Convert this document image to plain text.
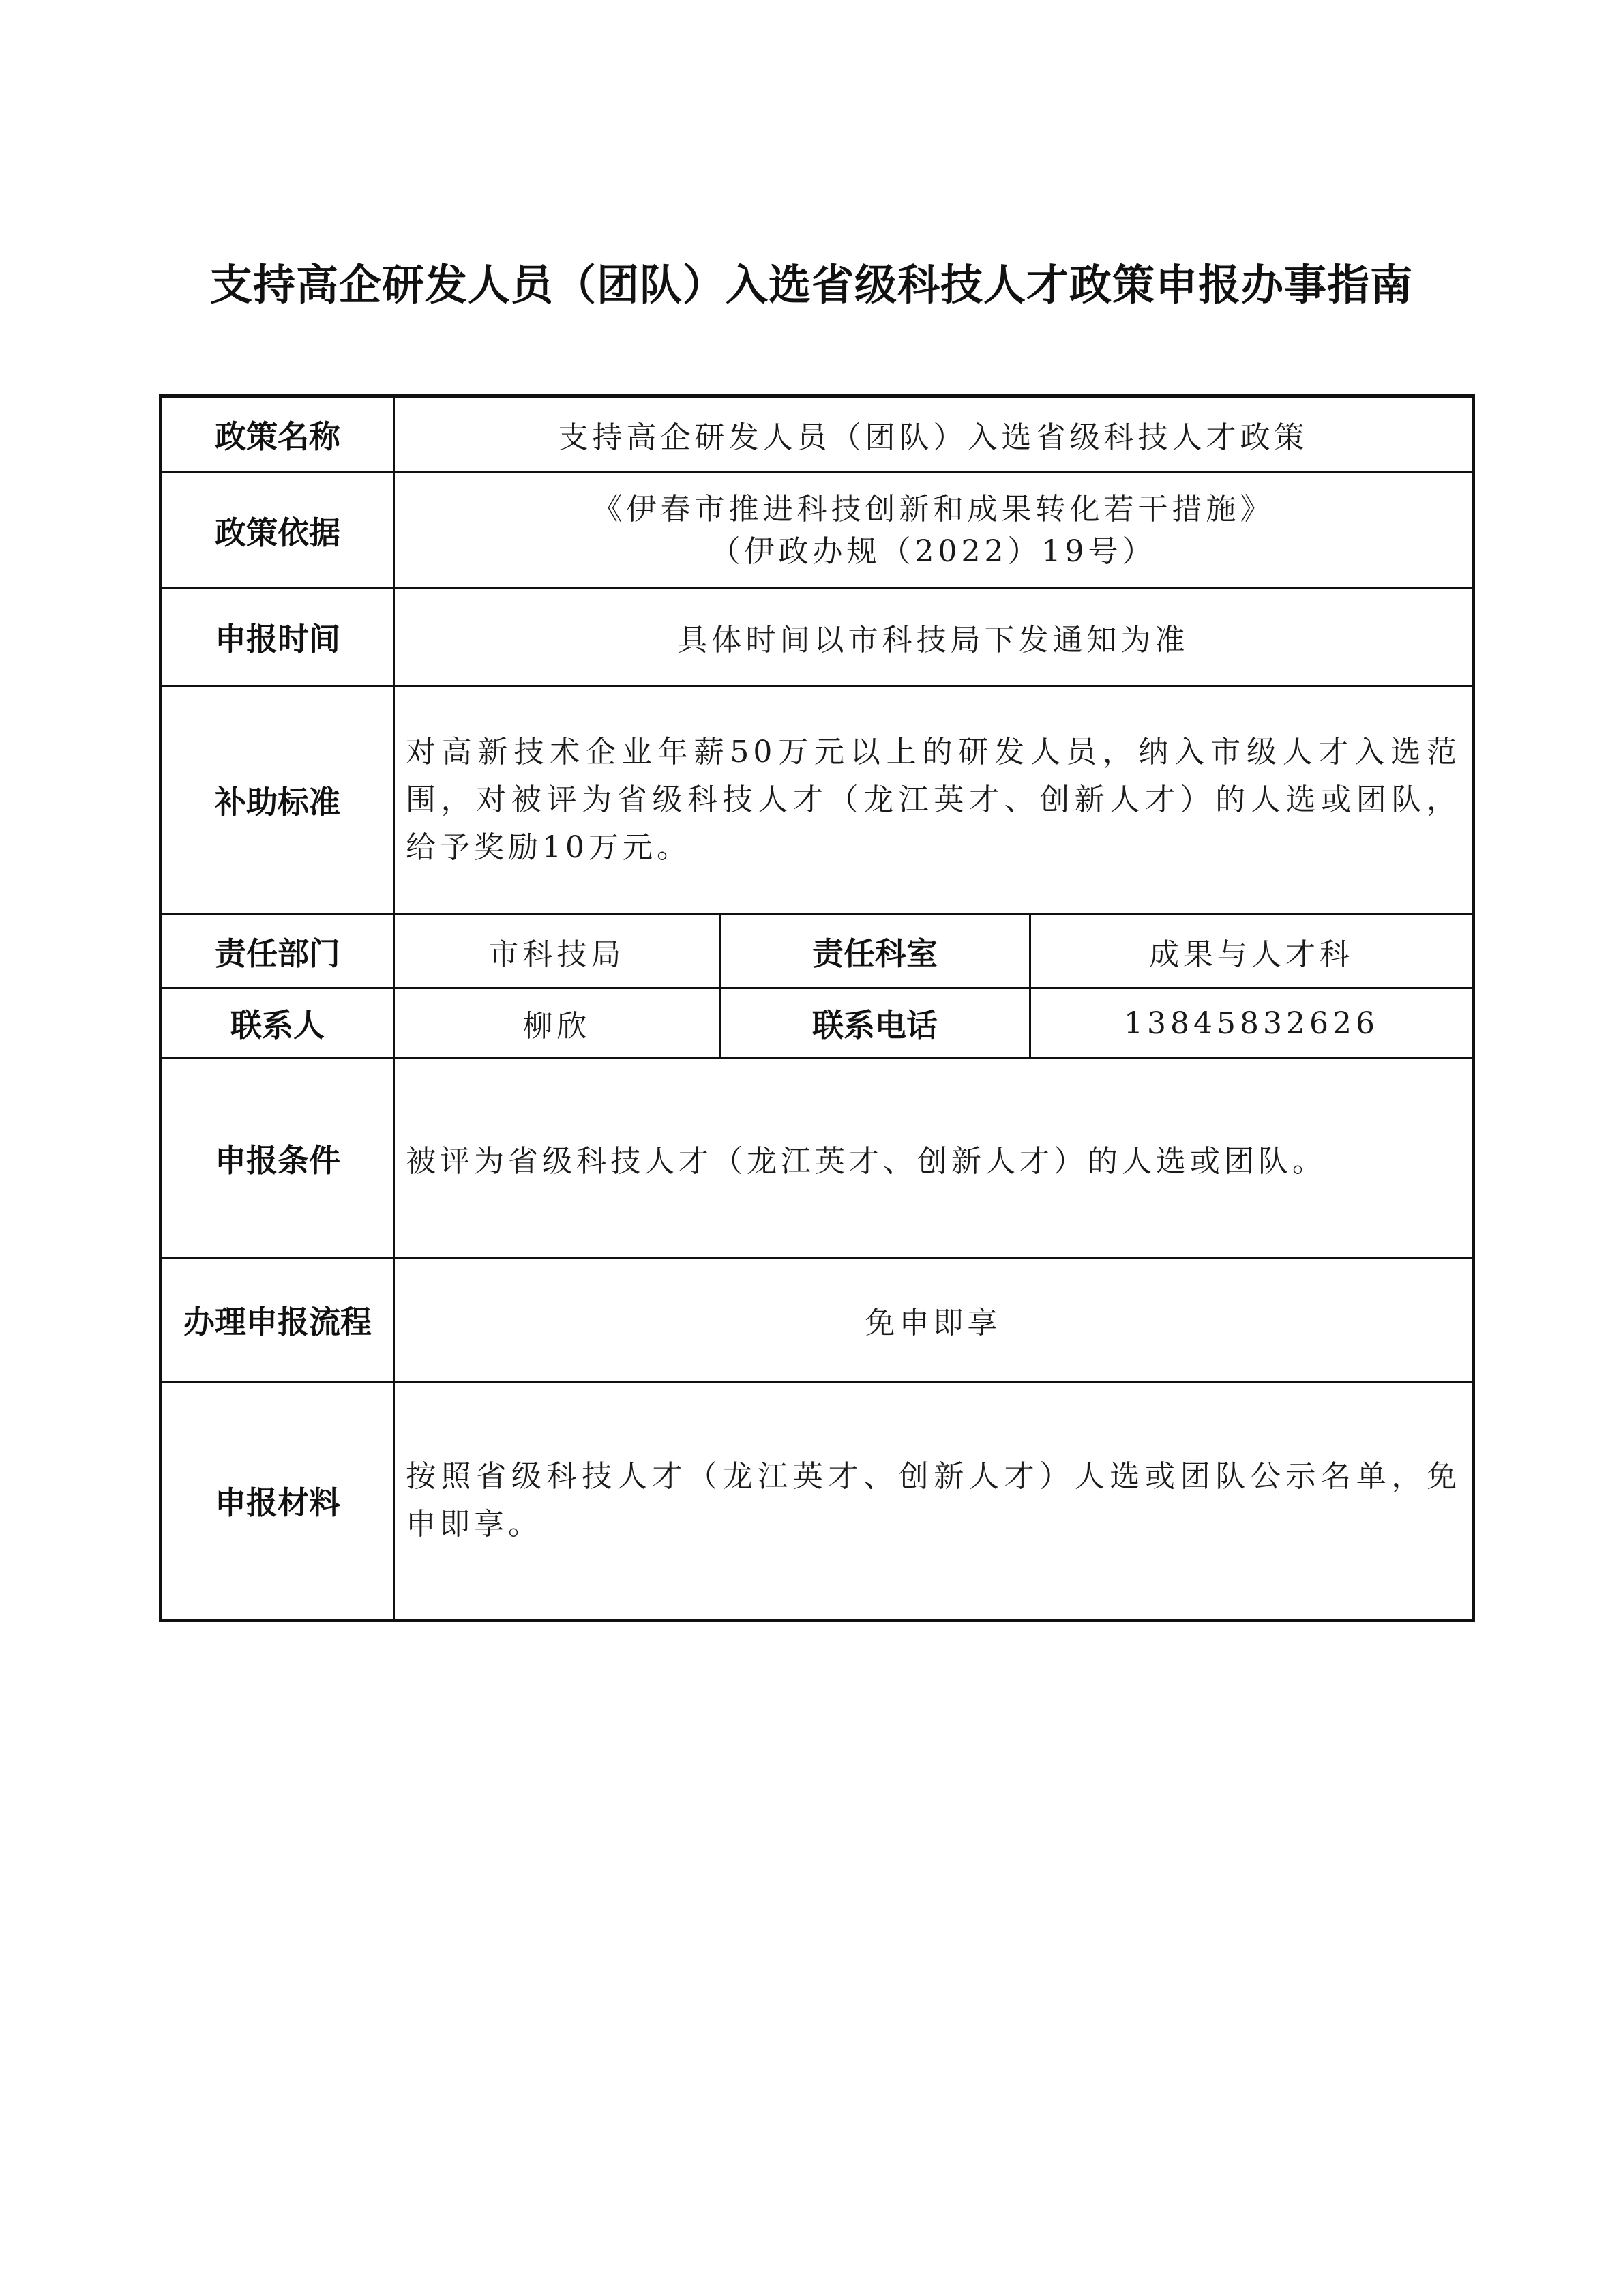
支持高企研发人员（团队）入选省级科技人才政策申报办事指南
政策名称	支持高企研发人员（团队）入选省级科技人才政策		
政策依据	《伊春市推进科技创新和成果转化若干措施》
（伊政办规（2022）19号）		

申报时间	具体时间以市科技局下发通知为准		
补助标准	对高新技术企业年薪50万元以上的研发人员，纳入市级人才入选范围，对被评为省级科技人才（龙江英才、创新人才）的人选或团队，给予奖励10万元。		

责任部门	市科技局	责任科室	成果与人才科
联系人	柳欣	联系电话	13845832626
申报条件	被评为省级科技人才（龙江英才、创新人才）的人选或团队。		
办理申报流程	免申即享		
申报材料	按照省级科技人才（龙江英才、创新人才）人选或团队公示名单，免申即享。		
